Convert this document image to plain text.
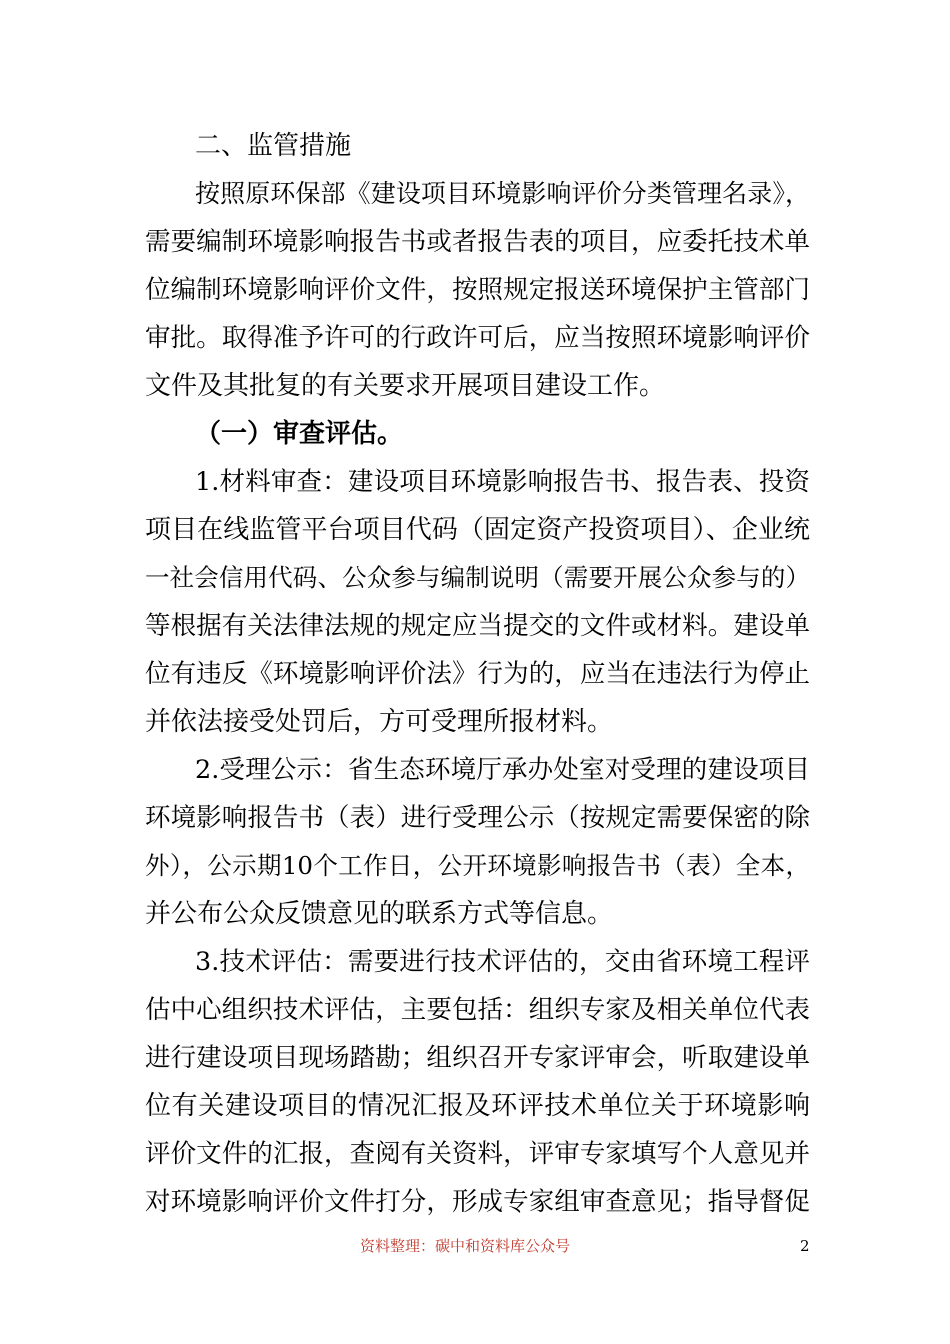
二、监管措施
按照原环保部《建设项目环境影响评价分类管理名录》，
需要编制环境影响报告书或者报告表的项目，应委托技术单
位编制环境影响评价文件，按照规定报送环境保护主管部门
审批。取得准予许可的行政许可后，应当按照环境影响评价
文件及其批复的有关要求开展项目建设工作。
（一）审查评估。
1.材料审查：建设项目环境影响报告书、报告表、投资
项目在线监管平台项目代码（固定资产投资项目）、企业统
一社会信用代码、公众参与编制说明（需要开展公众参与的）
等根据有关法律法规的规定应当提交的文件或材料。建设单
位有违反《环境影响评价法》行为的，应当在违法行为停止
并依法接受处罚后，方可受理所报材料。
2.受理公示：省生态环境厅承办处室对受理的建设项目
环境影响报告书（表）进行受理公示（按规定需要保密的除
外），公示期10个工作日，公开环境影响报告书（表）全本，
并公布公众反馈意见的联系方式等信息。
3.技术评估：需要进行技术评估的，交由省环境工程评
估中心组织技术评估，主要包括：组织专家及相关单位代表
进行建设项目现场踏勘；组织召开专家评审会，听取建设单
位有关建设项目的情况汇报及环评技术单位关于环境影响
评价文件的汇报，查阅有关资料，评审专家填写个人意见并
对环境影响评价文件打分，形成专家组审查意见；指导督促
资料整理：碳中和资料库公众号	2
